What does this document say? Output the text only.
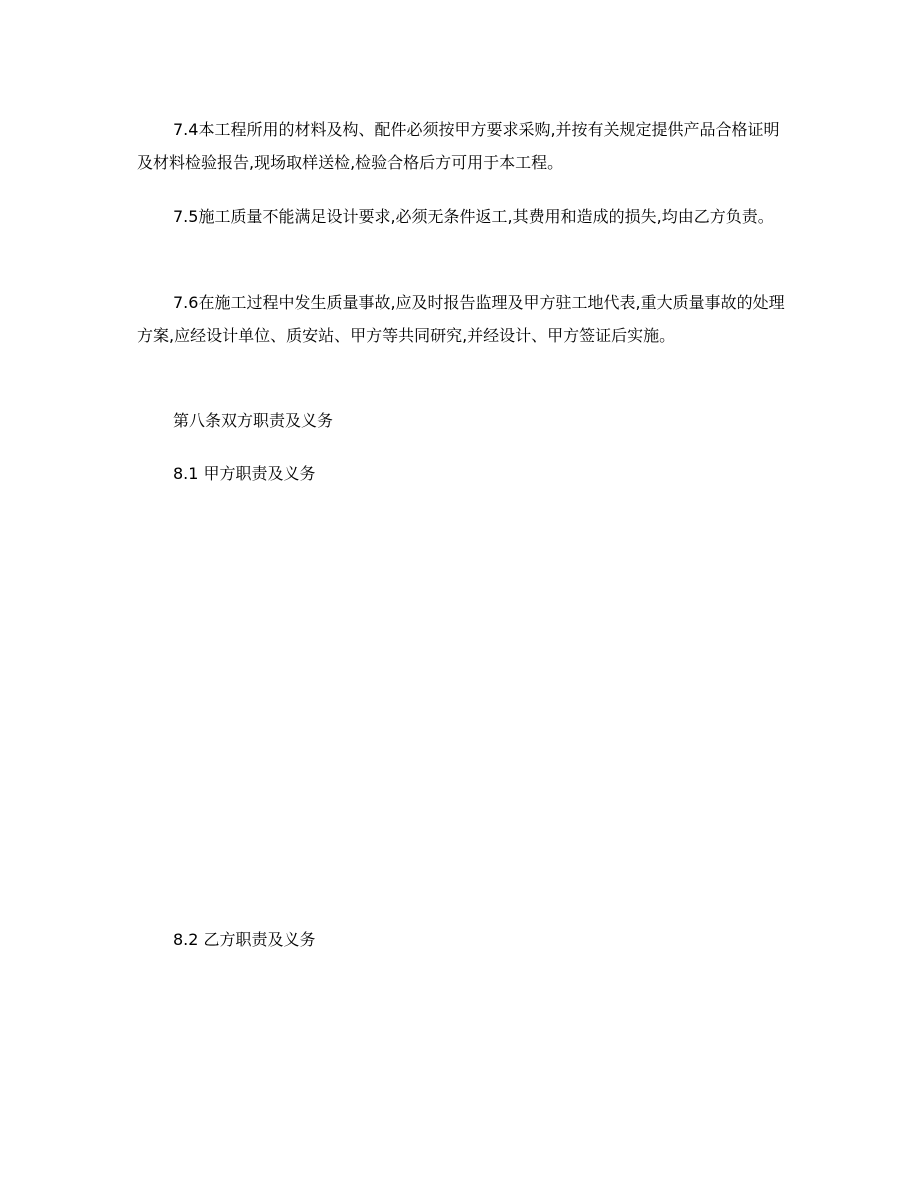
7.4本工程所用的材料及构、配件必须按甲方要求采购,并按有关规定提供产品合格证明及材料检验报告,现场取样送检,检验合格后方可用于本工程。

7.5施工质量不能满足设计要求,必须无条件返工,其费用和造成的损失,均由乙方负责。

7.6在施工过程中发生质量事故,应及时报告监理及甲方驻工地代表,重大质量事故的处理方案,应经设计单位、质安站、甲方等共同研究,并经设计、甲方签证后实施。

第八条双方职责及义务

8.1 甲方职责及义务

8.2 乙方职责及义务
